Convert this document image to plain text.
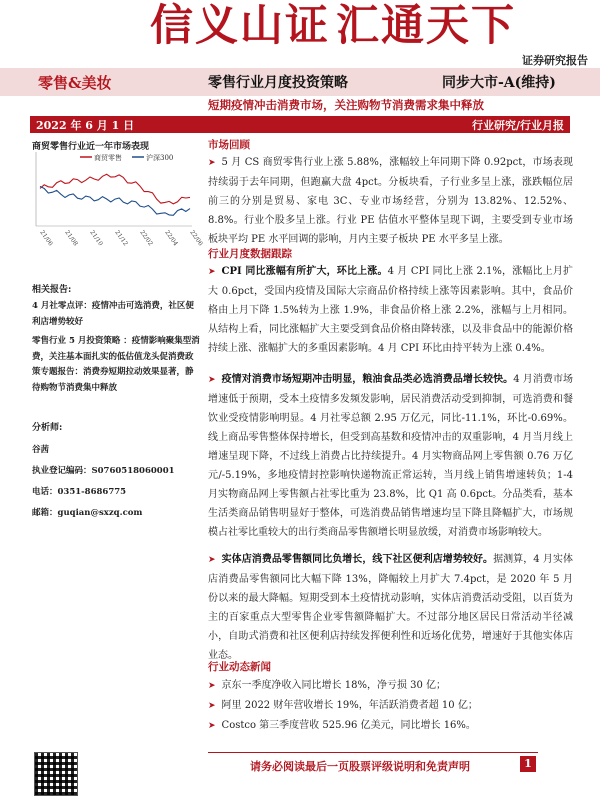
信义山证 汇通天下
证券研究报告
零售&美妆	零售行业月度投资策略	同步大市-A(维持)
短期疫情冲击消费市场，关注购物节消费需求集中释放
2022 年 6 月 1 日	行业研究/行业月报
商贸零售行业近一年市场表现
商贸零售	沪深300
21/06 21/08 21/10 21/12 22/02 22/04 22/06
相关报告:
4 月社零点评：疫情冲击可选消费，社区便利店增势较好
零售行业 5 月投资策略 ：疫情影响聚集型消费，关注基本面扎实的低估值龙头促消费政策专题报告：消费券短期拉动效果显著，静待购物节消费集中释放
分析师:
谷茜
执业登记编码：S0760518060001
电话：0351-8686775
邮箱：guqian@sxzq.com
市场回顾
➤ 5 月 CS 商贸零售行业上涨 5.88%，涨幅较上年同期下降 0.92pct，市场表现持续弱于去年同期，但跑赢大盘 4pct。分板块看，子行业多呈上涨，涨跌幅位居前三的分别是贸易、家电 3C、专业市场经营，分别为 13.82%、12.52%、8.8%。行业个股多呈上涨。行业 PE 估值水平整体呈现下调，主要受到专业市场板块平均 PE 水平回调的影响，月内主要子板块 PE 水平多呈上涨。
行业月度数据跟踪
➤ CPI 同比涨幅有所扩大，环比上涨。4 月 CPI 同比上涨 2.1%，涨幅比上月扩大 0.6pct，受国内疫情及国际大宗商品价格持续上涨等因素影响。其中，食品价格由上月下降 1.5%转为上涨 1.9%，非食品价格上涨 2.2%，涨幅与上月相同。从结构上看，同比涨幅扩大主要受到食品价格由降转涨，以及非食品中的能源价格持续上涨、涨幅扩大的多重因素影响。4 月 CPI 环比由持平转为上涨 0.4%。
➤ 疫情对消费市场短期冲击明显，粮油食品类必选消费品增长较快。4 月消费市场增速低于预期，受本土疫情多发频发影响，居民消费活动受到抑制，可选消费和餐饮业受疫情影响明显。4 月社零总额 2.95 万亿元，同比-11.1%，环比-0.69%。线上商品零售整体保持增长，但受到高基数和疫情冲击的双重影响，4 月当月线上增速呈现下降，不过线上消费占比持续提升。4 月实物商品网上零售额 0.76 万亿元/-5.19%，多地疫情封控影响快递物流正常运转，当月线上销售增速转负；1-4 月实物商品网上零售额占社零比重为 23.8%，比 Q1 高 0.6pct。分品类看，基本生活类商品销售明显好于整体，可选消费品销售增速均呈下降且降幅扩大，市场规模占社零比重较大的出行类商品零售额增长明显放缓，对消费市场影响较大。
➤ 实体店消费品零售额同比负增长，线下社区便利店增势较好。据测算，4 月实体店消费品零售额同比大幅下降 13%，降幅较上月扩大 7.4pct，是 2020 年 5 月份以来的最大降幅。短期受到本土疫情扰动影响，实体店消费活动受阻，以百货为主的百家重点大型零售企业零售额降幅扩大。不过部分地区居民日常活动半径减小，自助式消费和社区便利店持续发挥便利性和近场化优势，增速好于其他实体店业态。
行业动态新闻
➤ 京东一季度净收入同比增长 18%，净亏损 30 亿；
➤ 阿里 2022 财年营收增长 19%，年活跃消费者超 10 亿；
➤ Costco 第三季度营收 525.96 亿美元，同比增长 16%。
请务必阅读最后一页股票评级说明和免责声明	1
